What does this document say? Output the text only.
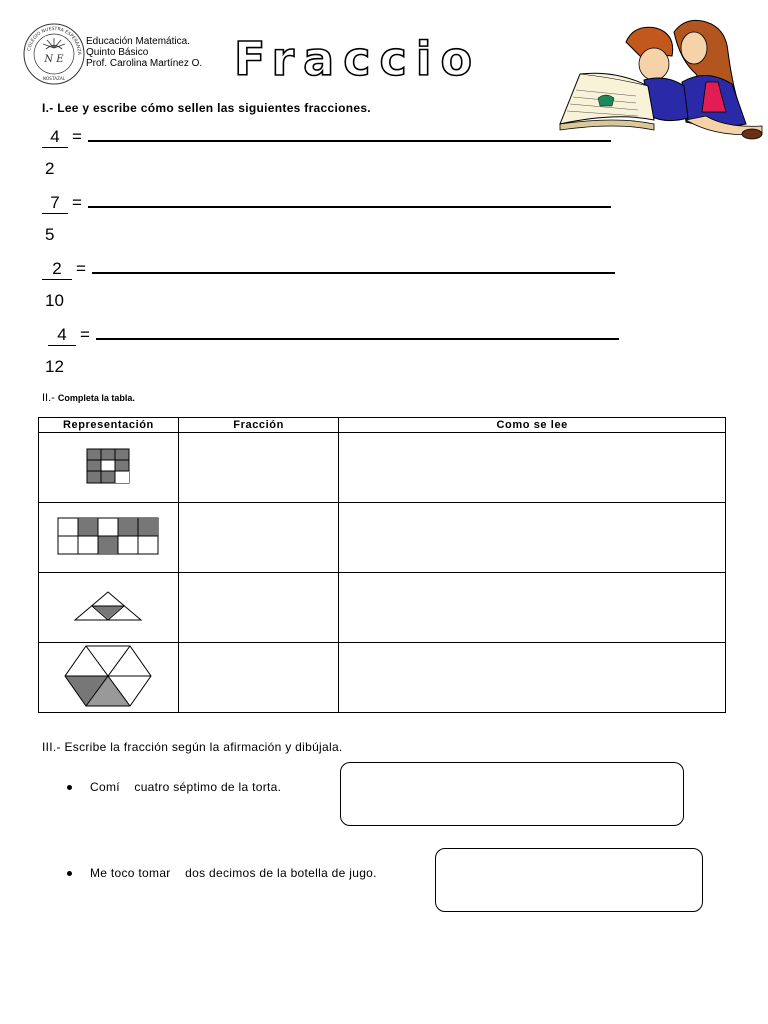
N E
COLEGIO NUESTRA ESPERANZA
NOSTAZAL
Educación Matemática.
Quinto Básico
Prof. Carolina Martínez O. Fraccio
I.- Lee y escribe cómo sellen las siguientes fracciones.
4 =
2
7 =
5
2 =
10
4 =
12
II.- Completa la tabla.
Representación	Fracción	Como se lee

III.- Escribe la fracción según la afirmación y dibújala.
Comí    cuatro séptimo de la torta.
Me toco tomar    dos decimos de la botella de jugo.
